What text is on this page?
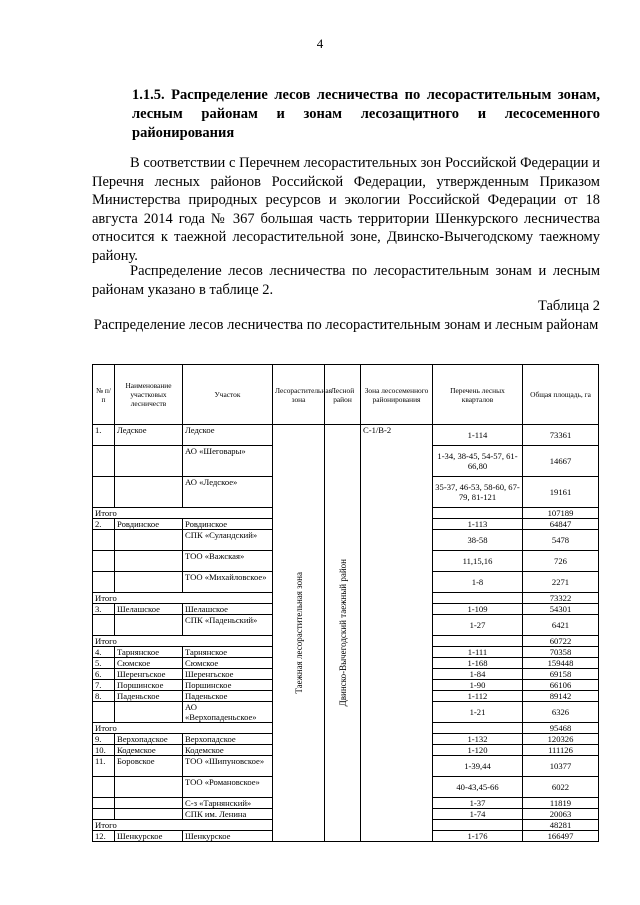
4
1.1.5. Распределение лесов лесничества по лесорастительным зонам, лесным районам и зонам лесозащитного и лесосеменного районирования
В соответствии с Перечнем лесорастительных зон Российской Федерации и Перечня лесных районов Российской Федерации, утвержденным Приказом Министерства природных ресурсов и экологии Российской Федерации от 18 августа 2014 года № 367 большая часть территории Шенкурского лесничества относится к таежной лесорастительной зоне, Двинско-Вычегодскому таежному району.
Распределение лесов лесничества по лесорастительным зонам и лесным районам указано в таблице 2.
Таблица 2
Распределение лесов лесничества по лесорастительным зонам и лесным районам
№ п/п	Наименование участковых лесничеств	Участок	Лесорастительная зона	Лесной район	Зона лесосеменного районирования	Перечень лесных кварталов	Общая площадь, га
1.	Ледское	Ледское	Таежная лесорастительная зона	Двинско-Вычегодский таежный район	С-1/В-2	1-114	73361
		АО «Шеговары»				1-34, 38-45, 54-57, 61-66,80	14667
		АО «Ледское»				35-37, 46-53, 58-60, 67-79, 81-121	19161
Итого							107189
2.	Ровдинское	Ровдинское				1-113	64847
		СПК «Суландский»				38-58	5478
		ТОО «Важская»				11,15,16	726
		ТОО «Михайловское»				1-8	2271
Итого							73322
3.	Шелашское	Шелашское				1-109	54301
		СПК «Паденьский»				1-27	6421
Итого							60722
4.	Тарнянское	Тарнянское				1-111	70358
5.	Сюмское	Сюмское				1-168	159448
6.	Шеренгьское	Шеренгьское				1-84	69158
7.	Поршинское	Поршинское				1-90	66106
8.	Паденьское	Паденьское				1-112	89142
		АО «Верхопаденьское»				1-21	6326
Итого							95468
9.	Верхопадское	Верхопадское				1-132	120326
10.	Кодемское	Кодемское				1-120	111126
11.	Боровское	ТОО «Шипуновское»				1-39,44	10377
		ТОО «Романовское»				40-43,45-66	6022
		С-з «Тарнянский»				1-37	11819
		СПК им. Ленина				1-74	20063
Итого							48281
12.	Шенкурское	Шенкурское				1-176	166497
